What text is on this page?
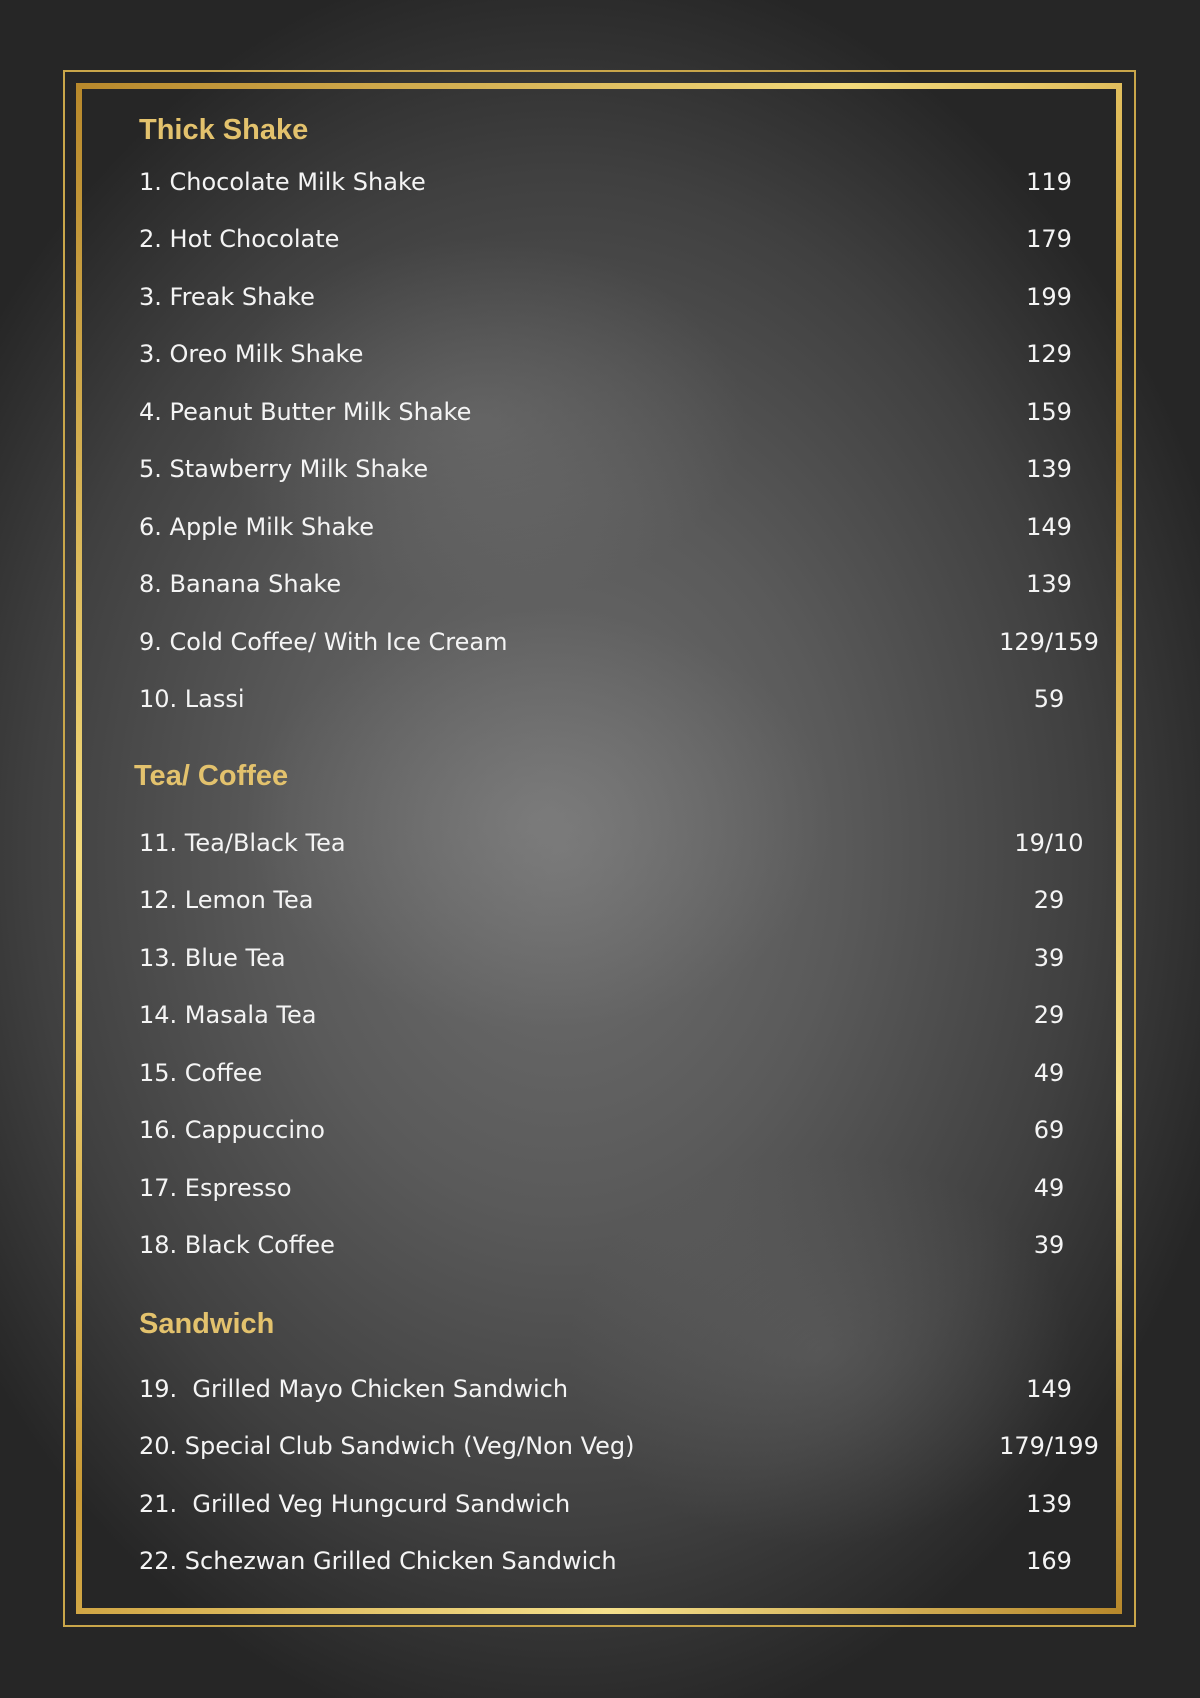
Thick Shake
1. Chocolate Milk Shake	119
2. Hot Chocolate	179
3. Freak Shake	199
3. Oreo Milk Shake	129
4. Peanut Butter Milk Shake	159
5. Stawberry Milk Shake	139
6. Apple Milk Shake	149
8. Banana Shake	139
9. Cold Coffee/ With Ice Cream	129/159
10. Lassi	59
Tea/ Coffee
11. Tea/Black Tea	19/10
12. Lemon Tea	29
13. Blue Tea	39
14. Masala Tea	29
15. Coffee	49
16. Cappuccino	69
17. Espresso	49
18. Black Coffee	39
Sandwich
19.  Grilled Mayo Chicken Sandwich	149
20. Special Club Sandwich (Veg/Non Veg)	179/199
21.  Grilled Veg Hungcurd Sandwich	139
22. Schezwan Grilled Chicken Sandwich	169
